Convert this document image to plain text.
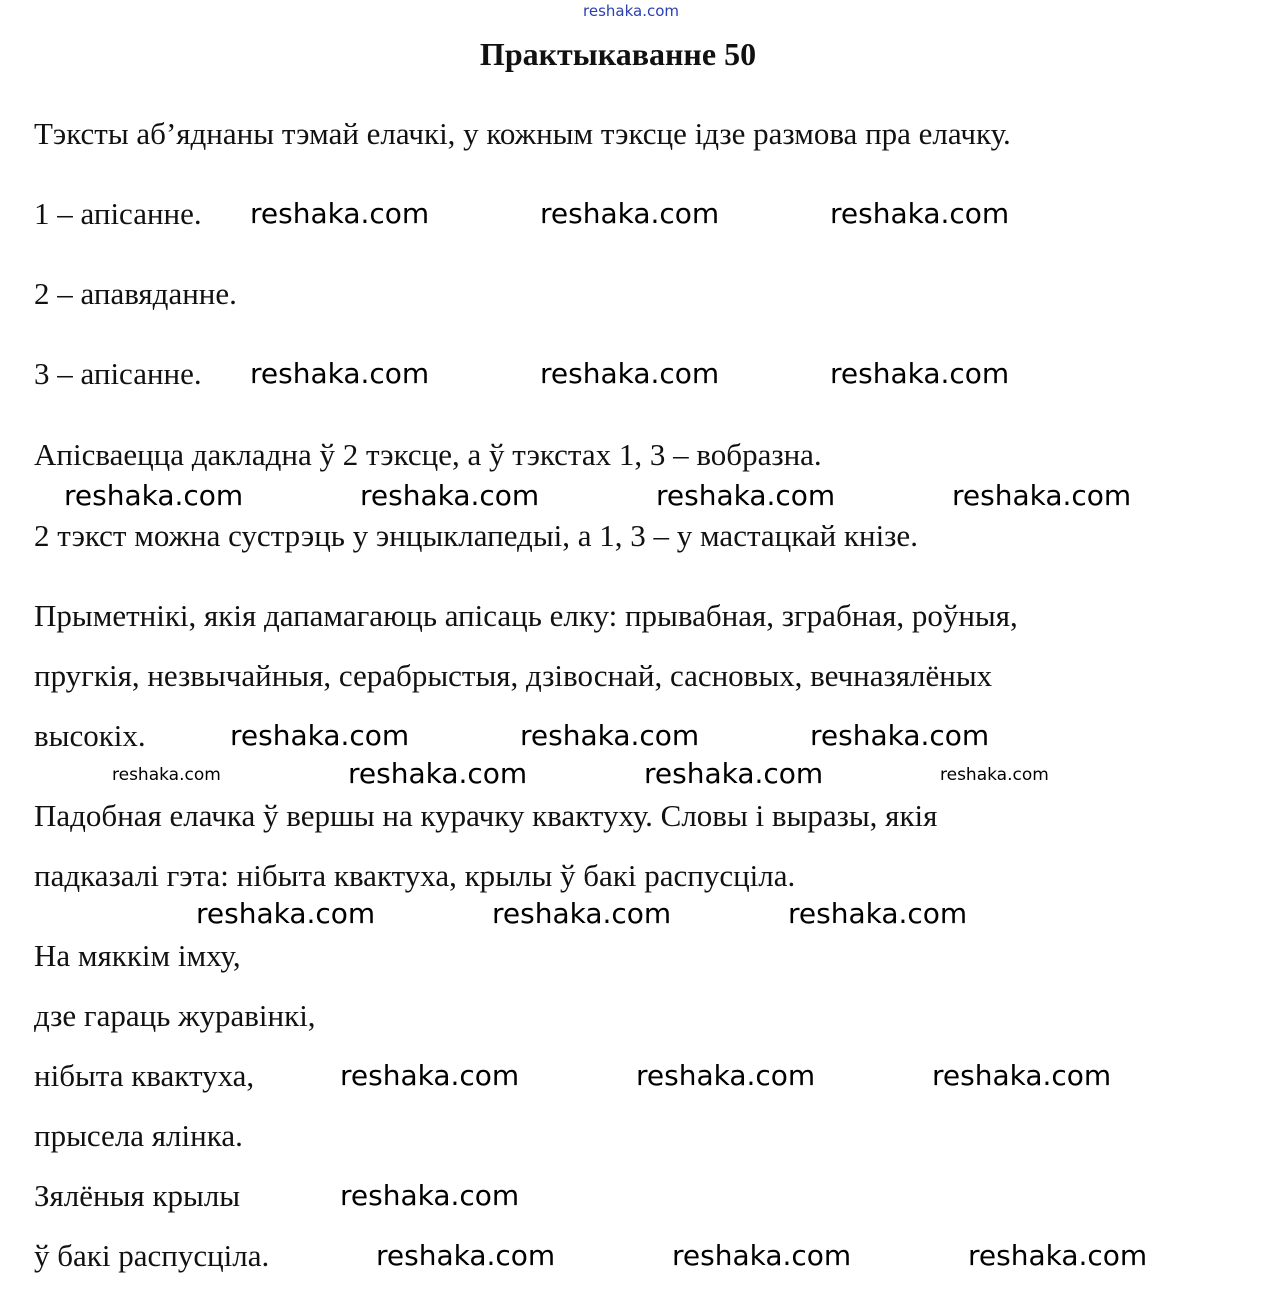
reshaka.com
Практыкаванне 50
Тэксты аб’яднаны тэмай елачкі, у кожным тэксце ідзе размова пра елачку.
1 – апісанне.
2 – апавяданне.
3 – апісанне.
Апісваецца дакладна ў 2 тэксце, а ў тэкстах 1, 3 – вобразна.
2 тэкст можна сустрэць у энцыклапедыі, а 1, 3 – у мастацкай кнізе.
Прыметнікі, якія дапамагаюць апісаць елку: прывабная, зграбная, роўныя,
пругкія, незвычайныя, серабрыстыя, дзівоснай, сасновых, вечназялёных
высокіх.
Падобная елачка ў вершы на курачку квактуху. Словы і выразы, якія
падказалі гэта: нібыта квактуха, крылы ў бакі распусціла.
На мяккім імху,
дзе гараць журавінкі,
нібыта квактуха,
прысела ялінка.
Зялёныя крылы
ў бакі распусціла.
reshaka.com	reshaka.com	reshaka.com
reshaka.com	reshaka.com	reshaka.com
reshaka.com	reshaka.com	reshaka.com	reshaka.com
reshaka.com	reshaka.com	reshaka.com
reshaka.com	reshaka.com	reshaka.com	reshaka.com
reshaka.com	reshaka.com	reshaka.com
reshaka.com	reshaka.com	reshaka.com
reshaka.com
reshaka.com	reshaka.com	reshaka.com
